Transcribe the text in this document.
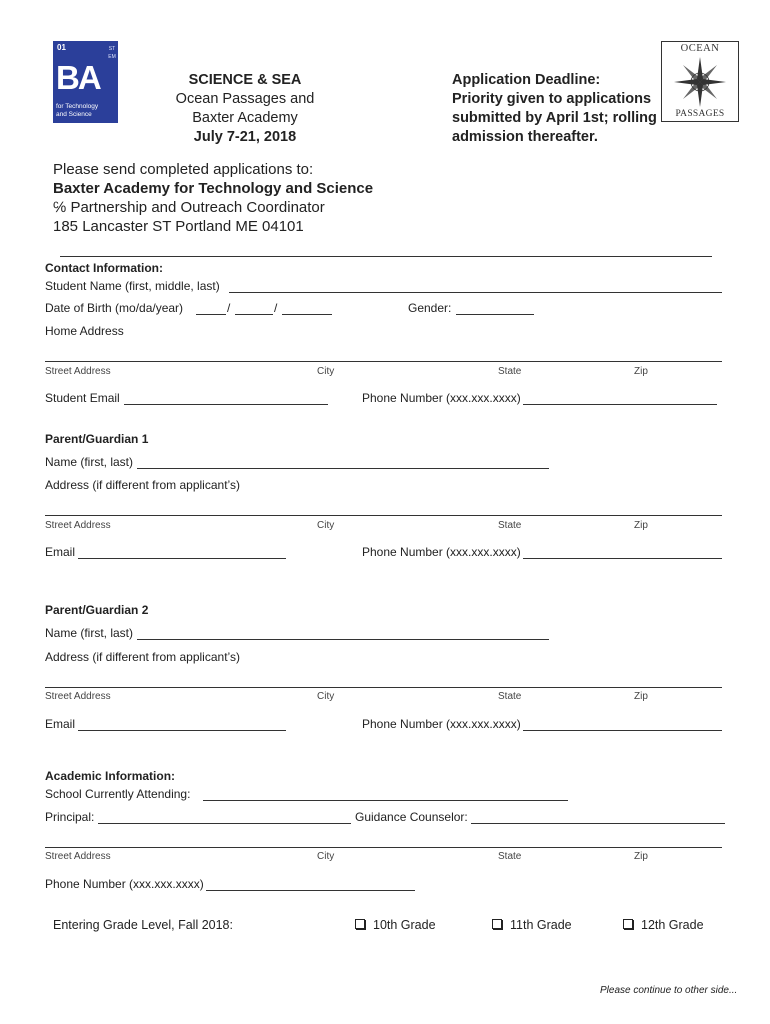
01
BA
for Technology and Science
STEM
SCIENCE & SEA
Ocean Passages and
Baxter Academy
July 7-21, 2018
Application Deadline:
Priority given to applications
submitted by April 1st; rolling
admission thereafter.
OCEAN
PASSAGES
Please send completed applications to:
Baxter Academy for Technology and Science
℅ Partnership and Outreach Coordinator
185 Lancaster ST Portland ME 04101
Contact Information:
Student Name (first, middle, last)
Date of Birth (mo/da/year)	/	/	Gender:
Home Address
Street Address	City	State	Zip
Student Email	Phone Number (xxx.xxx.xxxx)
Parent/Guardian 1
Name (first, last)
Address (if different from applicant’s)
Street Address	City	State	Zip
Email	Phone Number (xxx.xxx.xxxx)
Parent/Guardian 2
Name (first, last)
Address (if different from applicant’s)
Street Address	City	State	Zip
Email	Phone Number (xxx.xxx.xxxx)
Academic Information:
School Currently Attending:
Principal:	Guidance Counselor:
Street Address	City	State	Zip
Phone Number (xxx.xxx.xxxx)
Entering Grade Level, Fall 2018:	10th Grade	11th Grade	12th Grade
Please continue to other side...
